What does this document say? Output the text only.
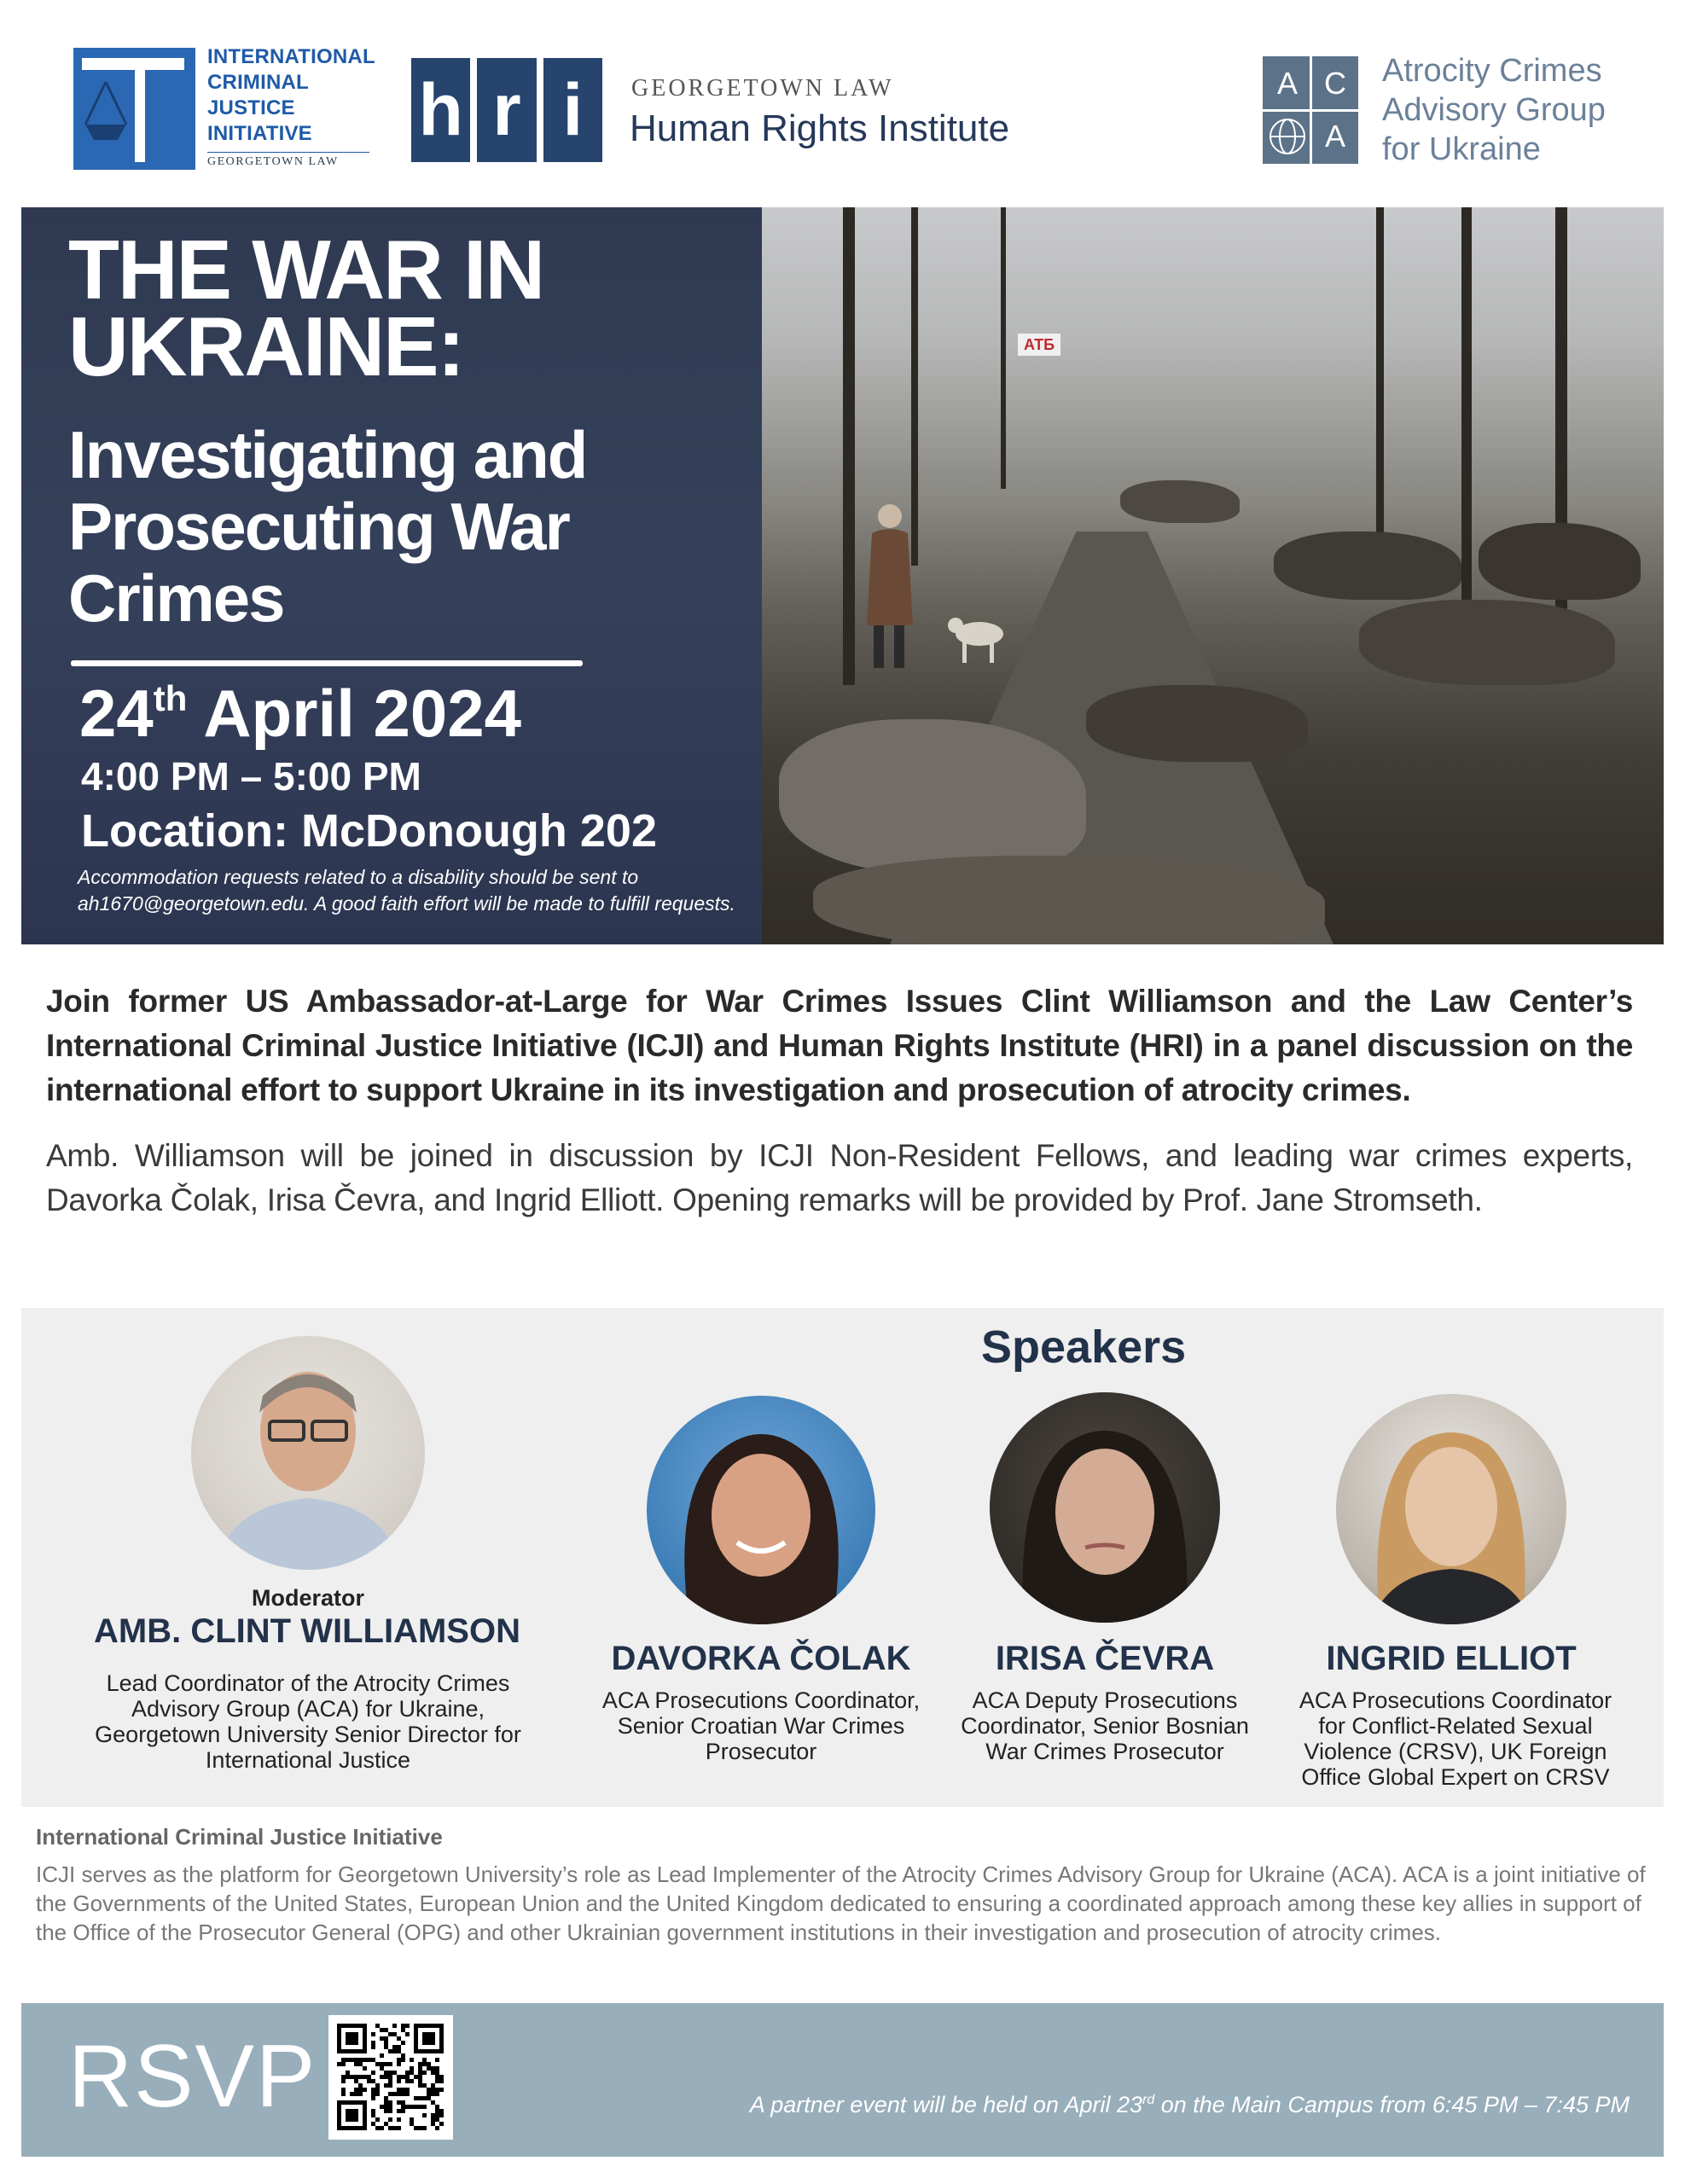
INTERNATIONAL
CRIMINAL
JUSTICE
INITIATIVE
GEORGETOWN LAW
h r i	GEORGETOWN LAW
Human Rights Institute
A C
A
Atrocity Crimes
Advisory Group
for Ukraine
АТБ
THE WAR IN
UKRAINE:
Investigating and
Prosecuting War
Crimes
24th April 2024
4:00 PM – 5:00 PM
Location: McDonough 202
Accommodation requests related to a disability should be sent to ah1670@georgetown.edu. A good faith effort will be made to fulfill requests.
Join former US Ambassador-at-Large for War Crimes Issues Clint Williamson and the Law Center’s International Criminal Justice Initiative (ICJI) and Human Rights Institute (HRI) in a panel discussion on the international effort to support Ukraine in its investigation and prosecution of atrocity crimes.
Amb. Williamson will be joined in discussion by ICJI Non-Resident Fellows, and leading war crimes experts, Davorka Čolak, Irisa Čevra, and Ingrid Elliott. Opening remarks will be provided by Prof. Jane Stromseth.
Speakers
Moderator
AMB. CLINT WILLIAMSON
Lead Coordinator of the Atrocity Crimes Advisory Group (ACA) for Ukraine, Georgetown University Senior Director for International Justice
DAVORKA ČOLAK
ACA Prosecutions Coordinator, Senior Croatian War Crimes Prosecutor
IRISA ČEVRA
ACA Deputy Prosecutions Coordinator, Senior Bosnian War Crimes Prosecutor
INGRID ELLIOT
ACA Prosecutions Coordinator for Conflict-Related Sexual Violence (CRSV), UK Foreign Office Global Expert on CRSV
International Criminal Justice Initiative
ICJI serves as the platform for Georgetown University’s role as Lead Implementer of the Atrocity Crimes Advisory Group for Ukraine (ACA). ACA is a joint initiative of the Governments of the United States, European Union and the United Kingdom dedicated to ensuring a coordinated approach among these key allies in support of the Office of the Prosecutor General (OPG) and other Ukrainian government institutions in their investigation and prosecution of atrocity crimes.
RSVP	A partner event will be held on April 23rd on the Main Campus from 6:45 PM – 7:45 PM
